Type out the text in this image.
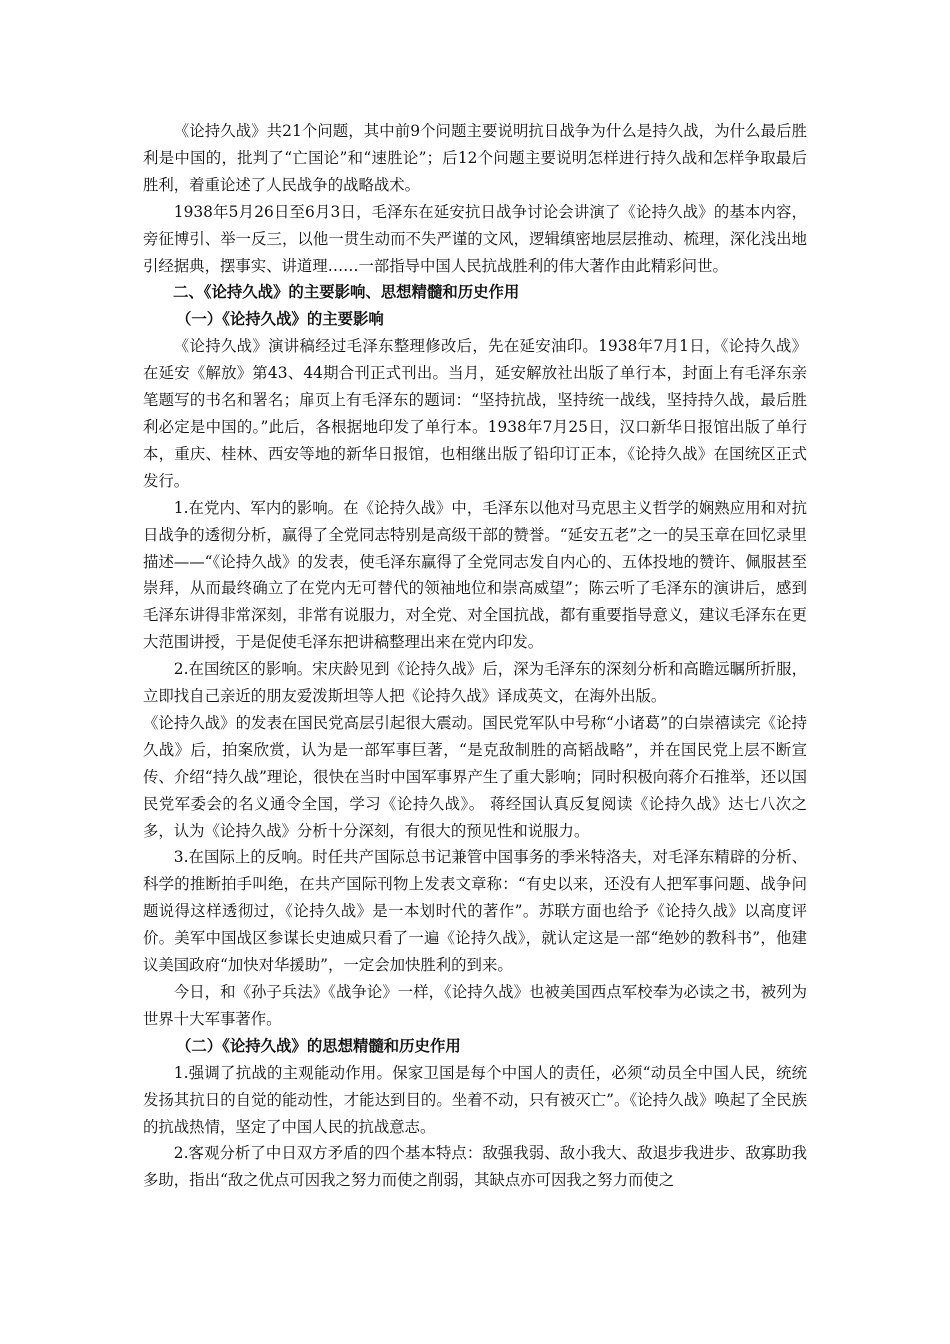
《论持久战》共21个问题，其中前9个问题主要说明抗日战争为什么是持久战，为什么最后胜利是中国的，批判了“亡国论”和“速胜论”；后12个问题主要说明怎样进行持久战和怎样争取最后胜利，着重论述了人民战争的战略战术。

1938年5月26日至6月3日，毛泽东在延安抗日战争讨论会讲演了《论持久战》的基本内容，旁征博引、举一反三，以他一贯生动而不失严谨的文风，逻辑缜密地层层推动、梳理，深化浅出地引经据典，摆事实、讲道理……一部指导中国人民抗战胜利的伟大著作由此精彩问世。

二、《论持久战》的主要影响、思想精髓和历史作用

（一）《论持久战》的主要影响

《论持久战》演讲稿经过毛泽东整理修改后，先在延安油印。1938年7月1日，《论持久战》在延安《解放》第43、44期合刊正式刊出。当月，延安解放社出版了单行本，封面上有毛泽东亲笔题写的书名和署名；扉页上有毛泽东的题词：“坚持抗战，坚持统一战线，坚持持久战，最后胜利必定是中国的。”此后，各根据地印发了单行本。1938年7月25日，汉口新华日报馆出版了单行本，重庆、桂林、西安等地的新华日报馆，也相继出版了铅印订正本，《论持久战》在国统区正式发行。

1.在党内、军内的影响。在《论持久战》中，毛泽东以他对马克思主义哲学的娴熟应用和对抗日战争的透彻分析，赢得了全党同志特别是高级干部的赞誉。“延安五老”之一的吴玉章在回忆录里描述——“《论持久战》的发表，使毛泽东赢得了全党同志发自内心的、五体投地的赞许、佩服甚至崇拜，从而最终确立了在党内无可替代的领袖地位和崇高威望”；陈云听了毛泽东的演讲后，感到毛泽东讲得非常深刻，非常有说服力，对全党、对全国抗战，都有重要指导意义，建议毛泽东在更大范围讲授，于是促使毛泽东把讲稿整理出来在党内印发。

2.在国统区的影响。宋庆龄见到《论持久战》后，深为毛泽东的深刻分析和高瞻远瞩所折服，立即找自己亲近的朋友爱泼斯坦等人把《论持久战》译成英文，在海外出版。

《论持久战》的发表在国民党高层引起很大震动。国民党军队中号称“小诸葛”的白崇禧读完《论持久战》后，拍案欣赏，认为是一部军事巨著，“是克敌制胜的高韬战略”，并在国民党上层不断宣传、介绍“持久战”理论，很快在当时中国军事界产生了重大影响；同时积极向蒋介石推举，还以国民党军委会的名义通令全国，学习《论持久战》。 蒋经国认真反复阅读《论持久战》达七八次之多，认为《论持久战》分析十分深刻，有很大的预见性和说服力。

3.在国际上的反响。时任共产国际总书记兼管中国事务的季米特洛夫，对毛泽东精辟的分析、科学的推断拍手叫绝，在共产国际刊物上发表文章称：“有史以来，还没有人把军事问题、战争问题说得这样透彻过，《论持久战》是一本划时代的著作”。苏联方面也给予《论持久战》以高度评价。美军中国战区参谋长史迪威只看了一遍《论持久战》，就认定这是一部“绝妙的教科书”，他建议美国政府“加快对华援助”，一定会加快胜利的到来。

今日，和《孙子兵法》《战争论》一样，《论持久战》也被美国西点军校奉为必读之书，被列为世界十大军事著作。

（二）《论持久战》的思想精髓和历史作用

1.强调了抗战的主观能动作用。保家卫国是每个中国人的责任，必须“动员全中国人民，统统发扬其抗日的自觉的能动性，才能达到目的。坐着不动，只有被灭亡”。《论持久战》唤起了全民族的抗战热情，坚定了中国人民的抗战意志。

2.客观分析了中日双方矛盾的四个基本特点：敌强我弱、敌小我大、敌退步我进步、敌寡助我多助，指出“敌之优点可因我之努力而使之削弱，其缺点亦可因我之努力而使之
